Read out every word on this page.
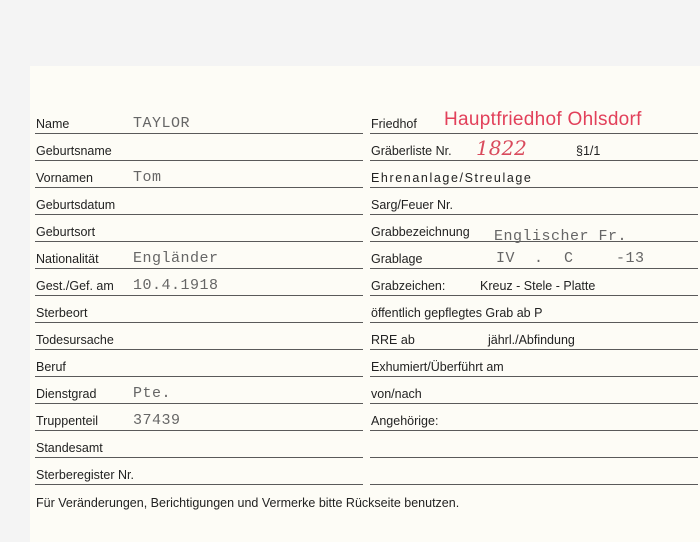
Name	TAYLOR
Geburtsname
Vornamen	Tom
Geburtsdatum
Geburtsort
Nationalität Engländer
Gest./Gef. am 10.4.1918
Sterbeort
Todesursache
Beruf
Dienstgrad Pte.
Truppenteil 37439
Standesamt
Sterberegister Nr.
Friedhof Hauptfriedhof Ohlsdorf
Gräberliste Nr. 1822	§1/1
Ehrenanlage/Streulage
Sarg/Feuer Nr.
Grabbezeichnung Englischer Fr.
Grablage	IV . C	-13
Grabzeichen:	Kreuz - Stele - Platte
öffentlich gepflegtes Grab ab P
RRE ab	jährl./Abfindung
Exhumiert/Überführt am
von/nach
Angehörige:
Für Veränderungen, Berichtigungen und Vermerke bitte Rückseite benutzen.
